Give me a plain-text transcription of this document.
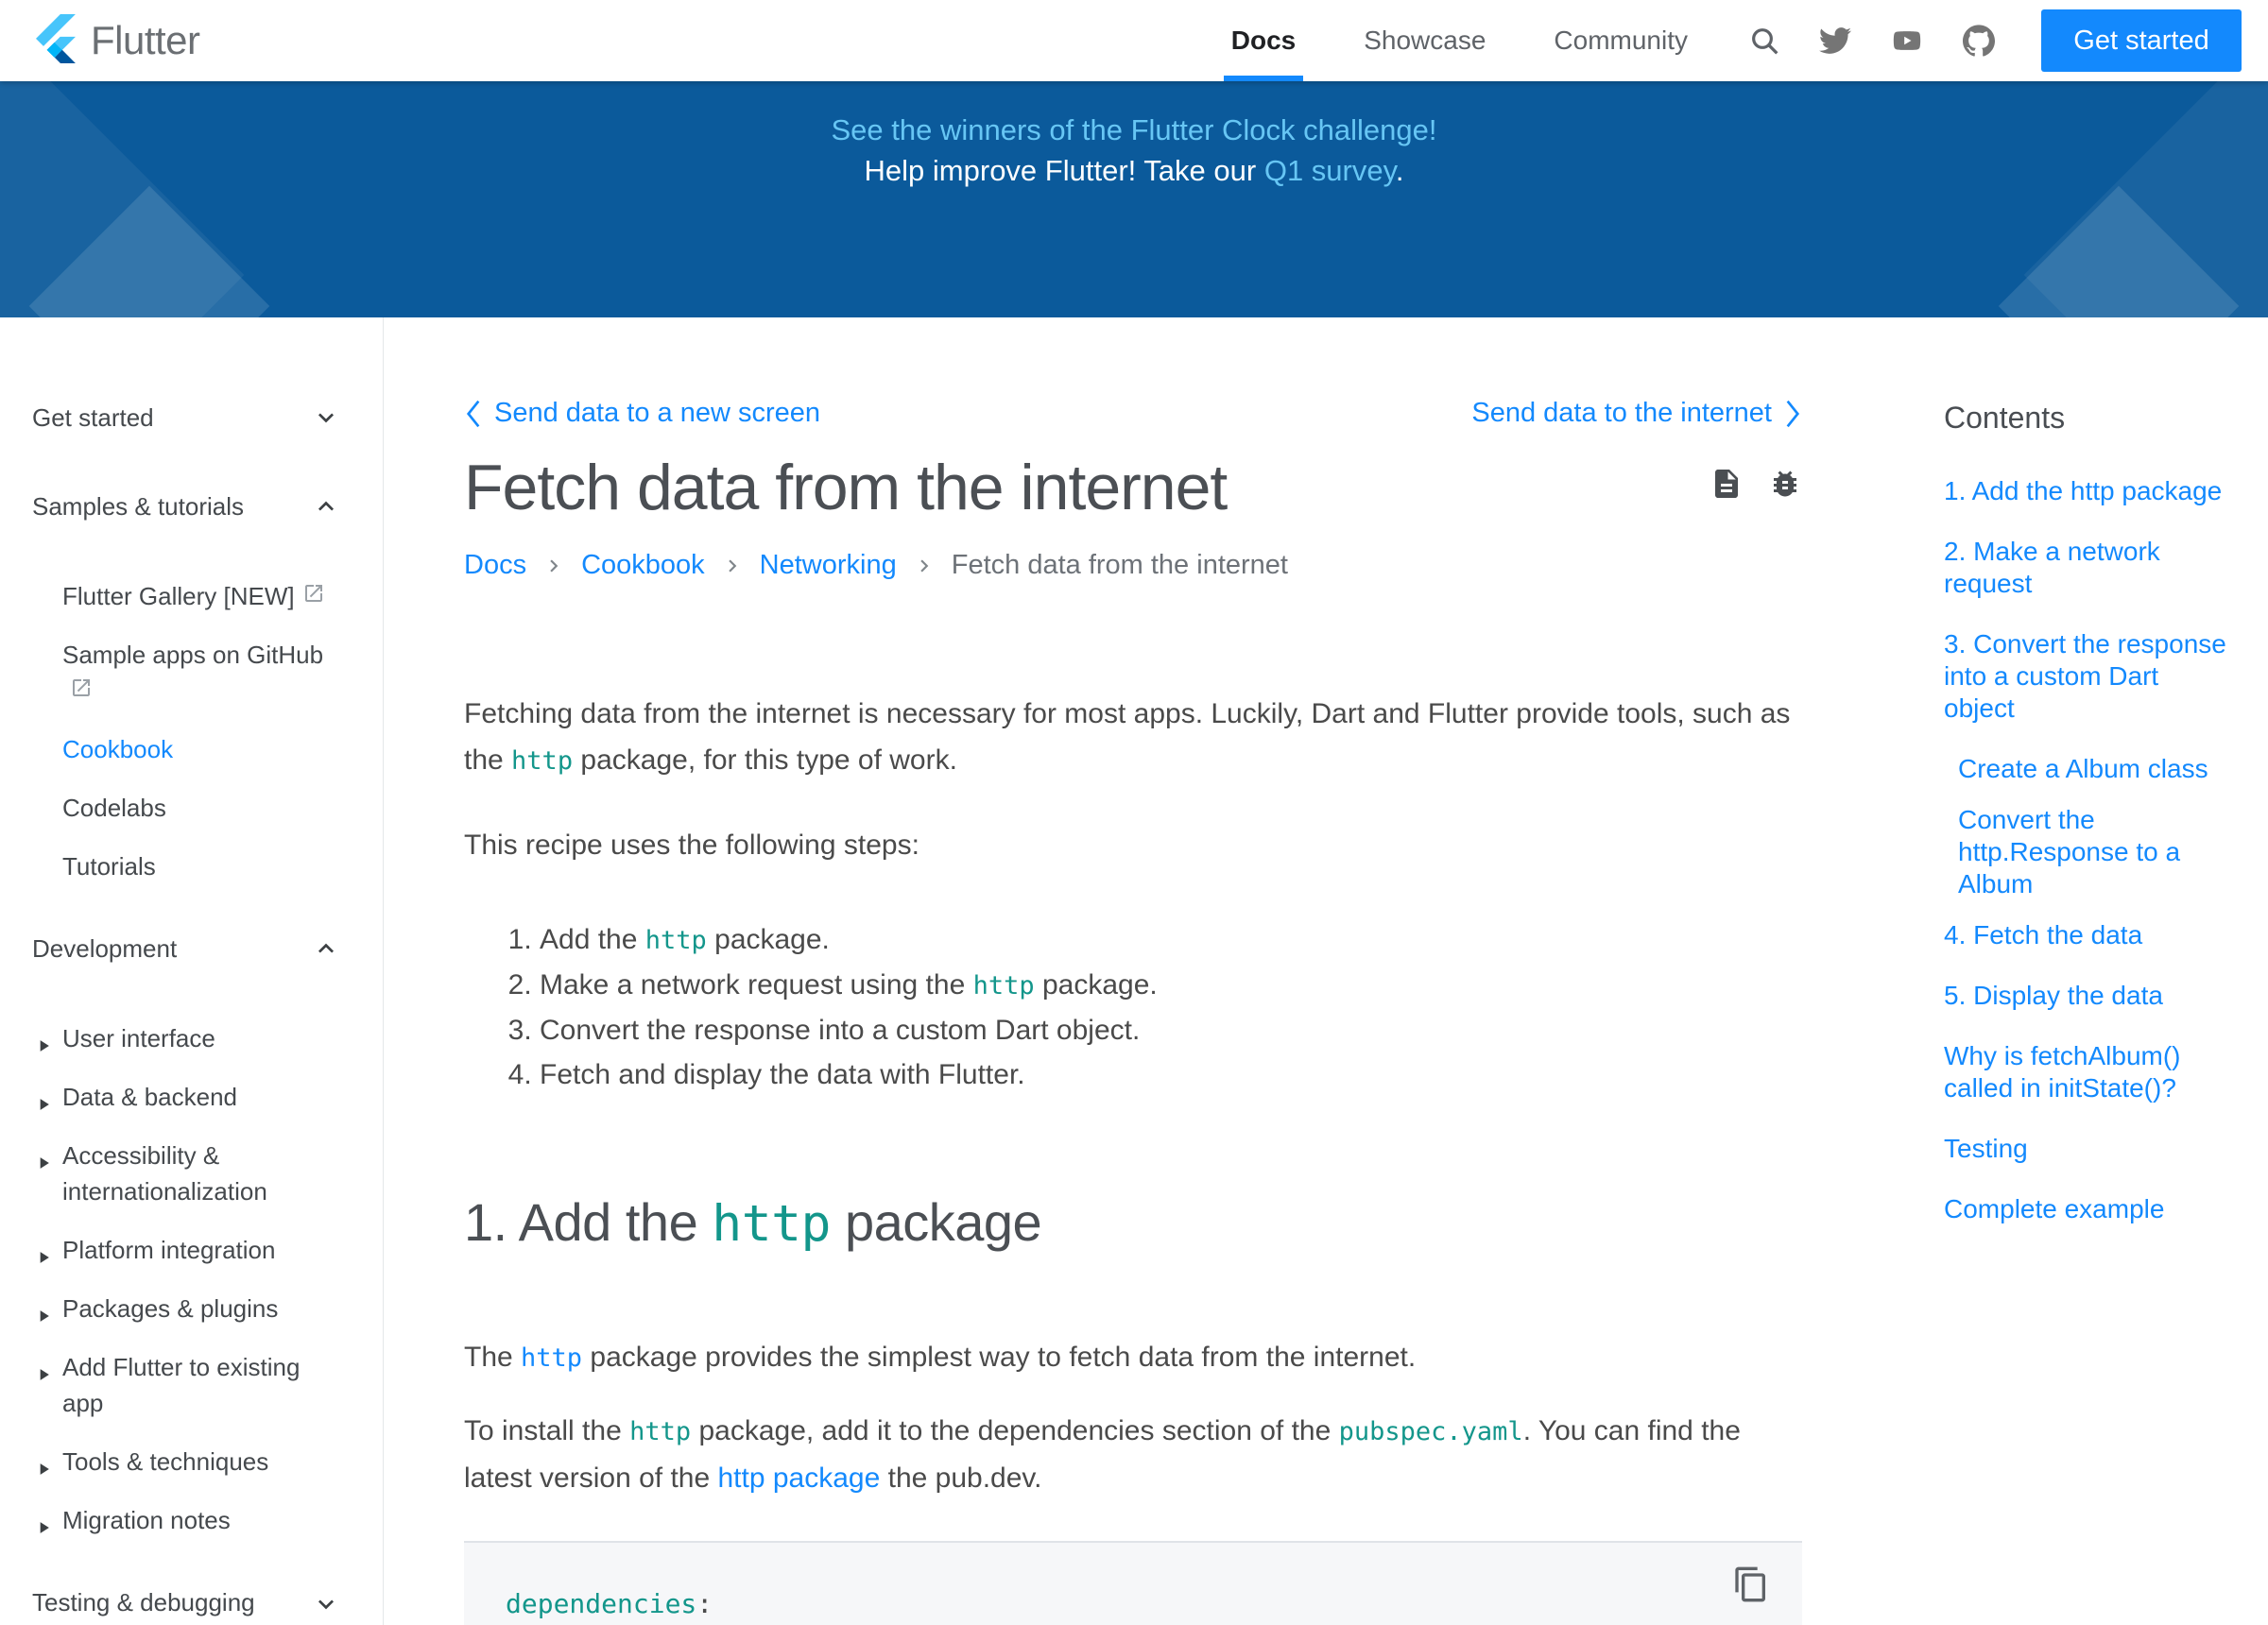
Flutter	Docs	Showcase	Community	Get started
See the winners of the Flutter Clock challenge!
Help improve Flutter! Take our Q1 survey.
Get started
Samples & tutorials
Flutter Gallery [NEW]
Sample apps on GitHub

Cookbook
Codelabs
Tutorials
Development
User interface
Data & backend
Accessibility & internationalization
Platform integration
Packages & plugins
Add Flutter to existing app
Tools & techniques
Migration notes
Testing & debugging
Send data to a new screen	Send data to the internet
Fetch data from the internet
Docs Cookbook Networking Fetch data from the internet

Fetching data from the internet is necessary for most apps. Luckily, Dart and Flutter provide tools, such as the http package, for this type of work.

This recipe uses the following steps:

1. Add the http package.
2. Make a network request using the http package.
3. Convert the response into a custom Dart object.
4. Fetch and display the data with Flutter.
1. Add the http package

The http package provides the simplest way to fetch data from the internet.

To install the http package, add it to the dependencies section of the pubspec.yaml. You can find the latest version of the http package the pub.dev.

dependencies:
Contents
1. Add the http package
2. Make a network request
3. Convert the response into a custom Dart object
Create a Album class
Convert the http.Response to a Album
4. Fetch the data
5. Display the data
Why is fetchAlbum() called in initState()?
Testing
Complete example
